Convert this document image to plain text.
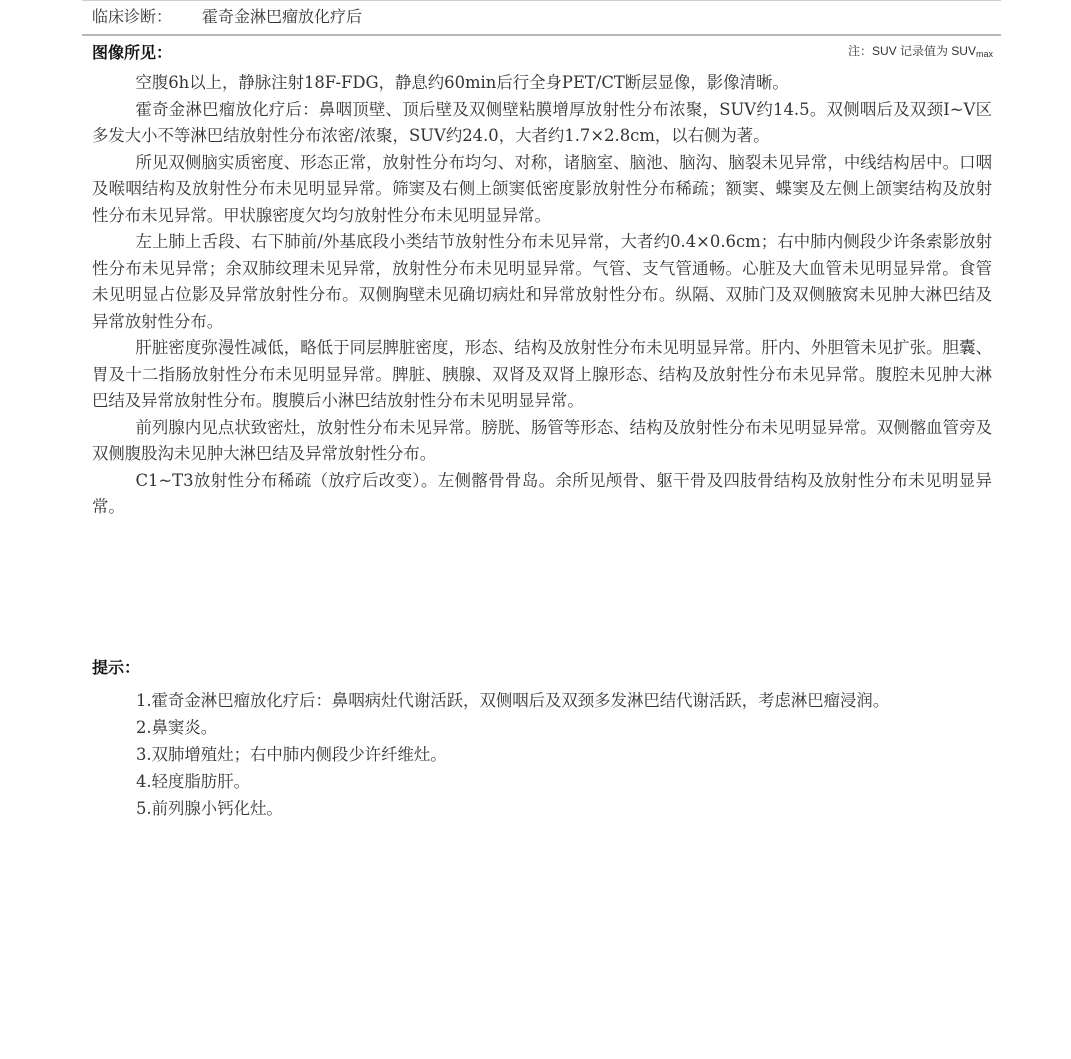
临床诊断： 霍奇金淋巴瘤放化疗后
图像所见：	注：SUV 记录值为 $SUV_{max}$

空腹6h以上，静脉注射18F-FDG，静息约60min后行全身PET/CT断层显像，影像清晰。

霍奇金淋巴瘤放化疗后：鼻咽顶壁、顶后壁及双侧壁粘膜增厚放射性分布浓聚，SUV约14.5。双侧咽后及双颈I~V区多发大小不等淋巴结放射性分布浓密/浓聚，SUV约24.0，大者约1.7×2.8cm，以右侧为著。

所见双侧脑实质密度、形态正常，放射性分布均匀、对称，诸脑室、脑池、脑沟、脑裂未见异常，中线结构居中。口咽及喉咽结构及放射性分布未见明显异常。筛窦及右侧上颌窦低密度影放射性分布稀疏；额窦、蝶窦及左侧上颌窦结构及放射性分布未见异常。甲状腺密度欠均匀放射性分布未见明显异常。

左上肺上舌段、右下肺前/外基底段小类结节放射性分布未见异常，大者约0.4×0.6cm；右中肺内侧段少许条索影放射性分布未见异常；余双肺纹理未见异常，放射性分布未见明显异常。气管、支气管通畅。心脏及大血管未见明显异常。食管未见明显占位影及异常放射性分布。双侧胸壁未见确切病灶和异常放射性分布。纵隔、双肺门及双侧腋窝未见肿大淋巴结及异常放射性分布。

肝脏密度弥漫性减低，略低于同层脾脏密度，形态、结构及放射性分布未见明显异常。肝内、外胆管未见扩张。胆囊、胃及十二指肠放射性分布未见明显异常。脾脏、胰腺、双肾及双肾上腺形态、结构及放射性分布未见异常。腹腔未见肿大淋巴结及异常放射性分布。腹膜后小淋巴结放射性分布未见明显异常。

前列腺内见点状致密灶，放射性分布未见异常。膀胱、肠管等形态、结构及放射性分布未见明显异常。双侧髂血管旁及双侧腹股沟未见肿大淋巴结及异常放射性分布。

C1~T3放射性分布稀疏（放疗后改变）。左侧髂骨骨岛。余所见颅骨、躯干骨及四肢骨结构及放射性分布未见明显异常。

提示：
1.霍奇金淋巴瘤放化疗后：鼻咽病灶代谢活跃，双侧咽后及双颈多发淋巴结代谢活跃，考虑淋巴瘤浸润。
2.鼻窦炎。
3.双肺增殖灶；右中肺内侧段少许纤维灶。
4.轻度脂肪肝。
5.前列腺小钙化灶。
